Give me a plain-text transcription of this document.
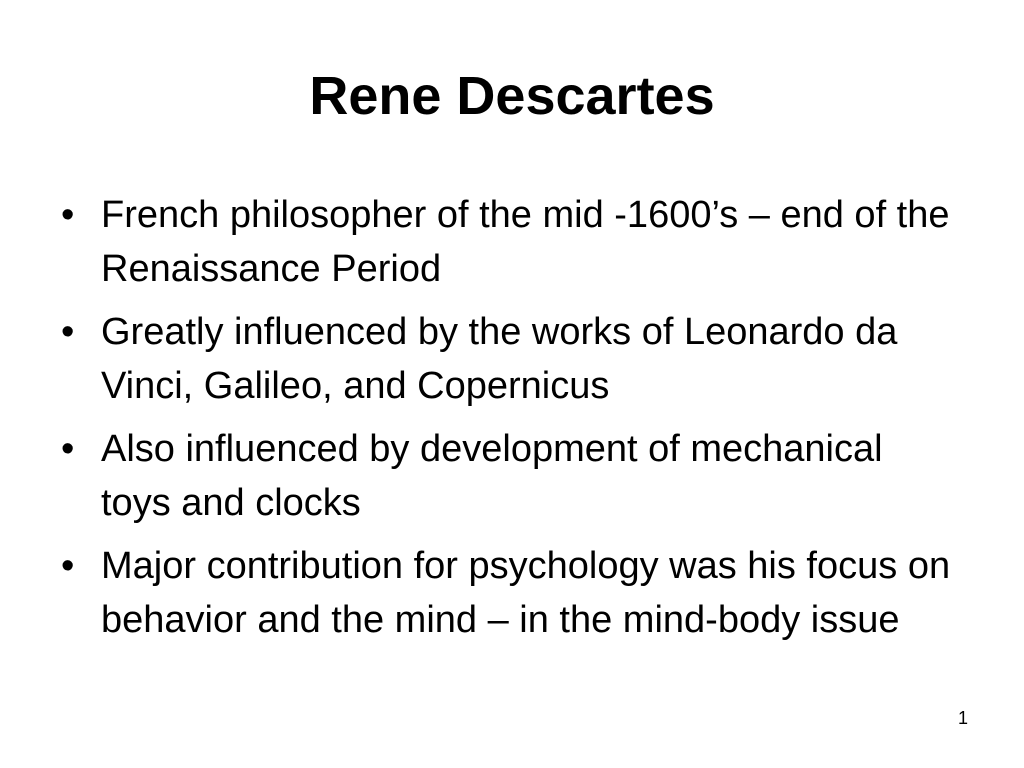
Rene Descartes
• French philosopher of the mid -1600’s – end of the Renaissance Period
• Greatly influenced by the works of Leonardo da Vinci, Galileo, and Copernicus
• Also influenced by development of mechanical toys and clocks
• Major contribution for psychology was his focus on behavior and the mind – in the mind-body issue
1
